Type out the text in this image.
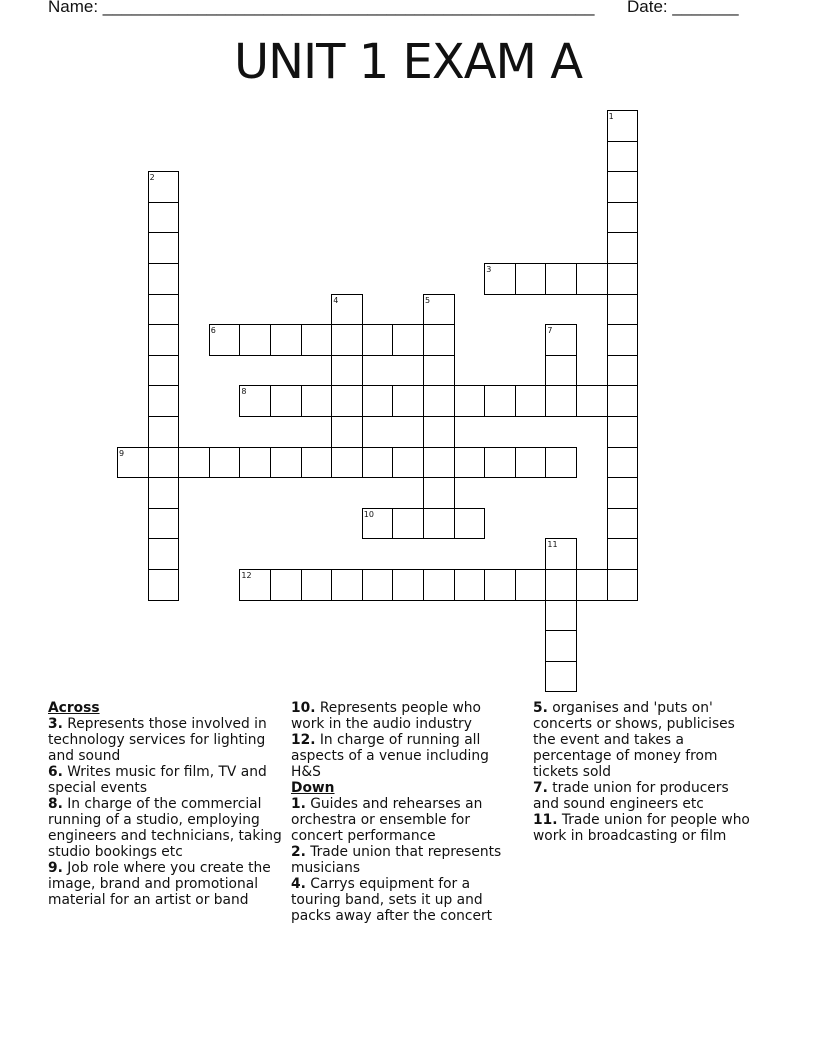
Name: ____________________________________________________ Date: _______
UNIT 1 EXAM A
1
2
3
4	5
6	7
8
9
10
11
12

Across

3. Represents those involved in technology services for lighting and sound

6. Writes music for film, TV and special events

8. In charge of the commercial running of a studio, employing engineers and technicians, taking studio bookings etc

9. Job role where you create the image, brand and promotional material for an artist or band

10. Represents people who work in the audio industry

12. In charge of running all aspects of a venue including H&S

Down

1. Guides and rehearses an orchestra or ensemble for concert performance

2. Trade union that represents musicians

4. Carrys equipment for a touring band, sets it up and packs away after the concert

5. organises and 'puts on' concerts or shows, publicises the event and takes a percentage of money from tickets sold

7. trade union for producers and sound engineers etc

11. Trade union for people who work in broadcasting or film
